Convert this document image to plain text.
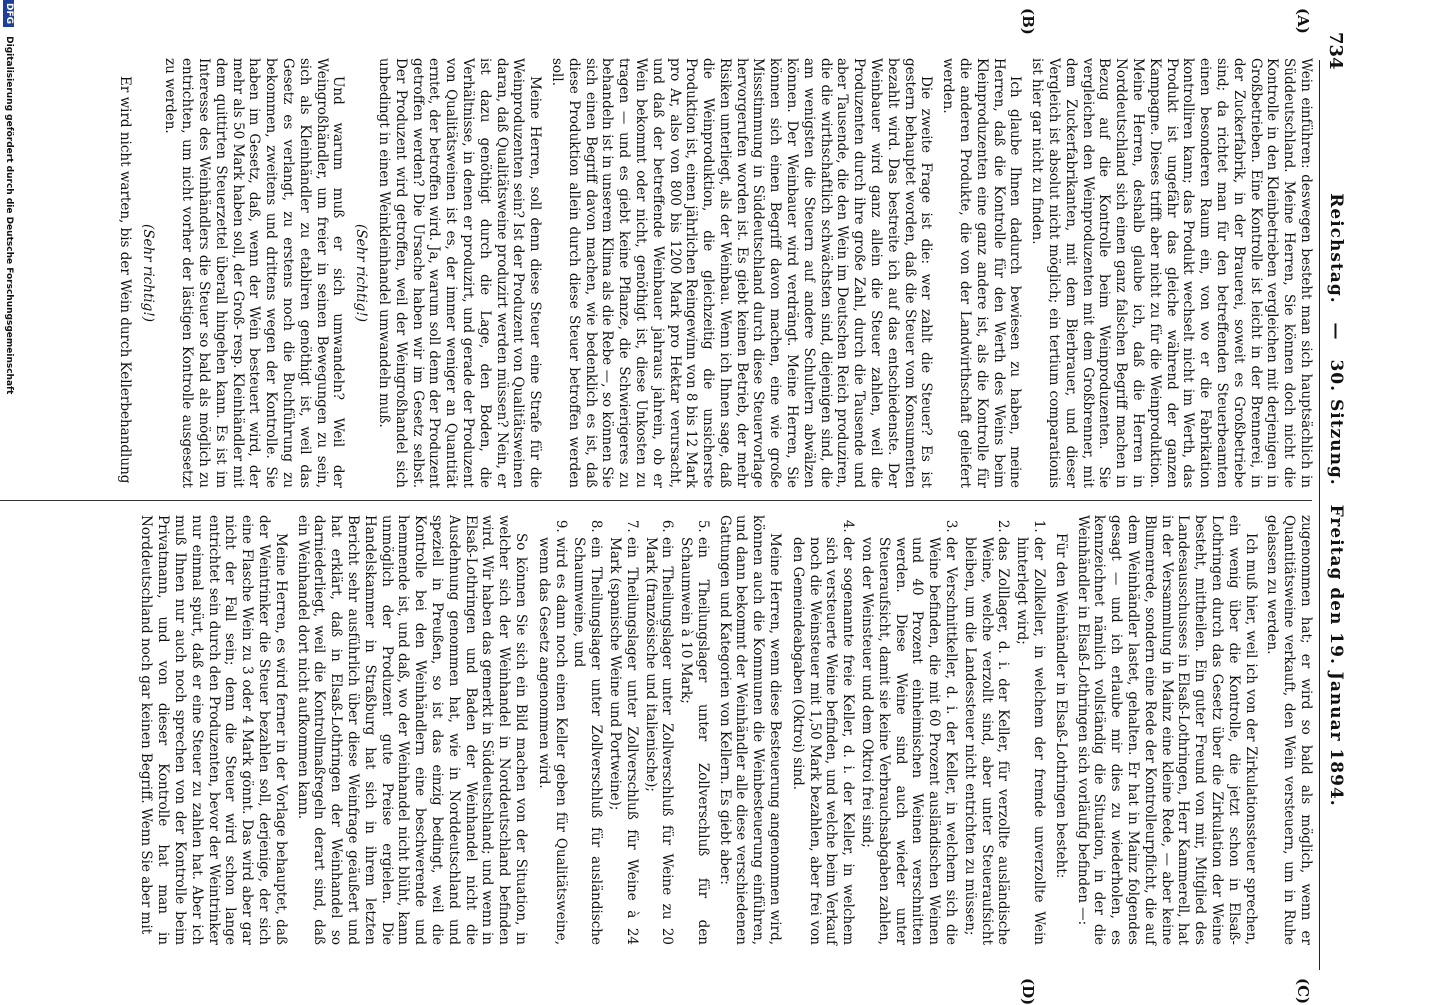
734
Reichstag. — 30. Sitzung. Freitag den 19. Januar 1894.
(A)
(B)
(C)
(D)

Wein einführen: deswegen besteht man sich hauptsächlich in Süddeutschland. Meine Herren, Sie können doch nicht die Kontrolle in den Kleinbetrieben vergleichen mit derjenigen in Großbetrieben. Eine Kontrolle ist leicht in der Brennerei, in der Zuckerfabrik, in der Brauerei, soweit es Großbetriebe sind; da richtet man für den betreffenden Steuerbeamten einen besonderen Raum ein, von wo er die Fabrikation kontrolliren kann; das Produkt wechselt nicht im Werth, das Produkt ist ungefähr das gleiche während der ganzen Kampagne. Dieses trifft aber nicht zu für die Weinproduktion. Meine Herren, deshalb glaube ich, daß die Herren in Norddeutschland sich einen ganz falschen Begriff machen in Bezug auf die Kontrolle beim Weinproduzenten. Sie vergleichen den Weinproduzenten mit dem Großbrenner, mit dem Zuckerfabrikanten, mit dem Bierbrauer, und dieser Vergleich ist absolut nicht möglich; ein tertium comparationis ist hier gar nicht zu finden.

Ich glaube Ihnen dadurch bewiesen zu haben, meine Herren, daß die Kontrolle für den Werth des Weins beim Kleinproduzenten eine ganz andere ist, als die Kontrolle für die anderen Produkte, die von der Landwirthschaft geliefert werden.

Die zweite Frage ist die: wer zahlt die Steuer? Es ist gestern behauptet worden, daß die Steuer vom Konsumenten bezahlt wird. Das bestreite ich auf das entschiedenste. Der Weinbauer wird ganz allein die Steuer zahlen, weil die Produzenten durch ihre große Zahl, durch die Tausende und aber Tausende, die den Wein im Deutschen Reich produziren, die die wirthschaftlich schwächsten sind, diejenigen sind, die am wenigsten die Steuern auf andere Schultern abwälzen können. Der Weinbauer wird verdrängt. Meine Herren, Sie können sich einen Begriff davon machen, eine wie große Missstimmung in Süddeutschland durch diese Steuervorlage hervorgerufen worden ist. Es giebt keinen Betrieb, der mehr Risiken unterliegt, als der Weinbau. Wenn ich Ihnen sage, daß die Weinproduktion, die gleichzeitig die unsicherste Produktion ist, einen jährlichen Reingewinn von 8 bis 12 Mark pro Ar, also von 800 bis 1200 Mark pro Hektar verursacht, und daß der betreffende Weinbauer jahraus jahrein, ob er Wein bekommt oder nicht, genöthigt ist, diese Unkosten zu tragen — und es giebt keine Pflanze, die Schwierigeres zu behandeln ist in unserem Klima als die Rebe —, so können Sie sich einen Begriff davon machen, wie bedenklich es ist, daß diese Produktion allein durch diese Steuer betroffen werden soll.

Meine Herren, soll denn diese Steuer eine Strafe für die Weinproduzenten sein? Ist der Produzent von Qualitätsweinen daran, daß Qualitätsweine produzirt werden müssen? Nein, er ist dazu genöthigt durch die Lage, den Boden, die Verhältnisse, in denen er produzirt, und gerade der Produzent von Qualitätsweinen ist es, der immer weniger an Quantität erntet, der betroffen wird. Ja, warum soll denn der Produzent getroffen werden? Die Ursache haben wir im Gesetz selbst. Der Produzent wird getroffen, weil der Weingroßhandel sich unbedingt in einen Weinkleinhandel umwandeln muß.

(Sehr richtig!)

Und warum muß er sich umwandeln? Weil der Weingroßhändler, um freier in seinen Bewegungen zu sein, sich als Kleinhändler zu etabliren genöthigt ist, weil das Gesetz es verlangt, zu erstens noch die Buchführung zu bekommen, zweitens und drittens wegen der Kontrolle. Sie haben im Gesetz, daß, wenn der Wein besteuert wird, der mehr als 50 Mark haben soll, der Groß- resp. Kleinhändler mit dem quittirten Steuerzettel überall hingehen kann. Es ist im Interesse des Weinhändlers die Steuer so bald als möglich zu entrichten, um nicht vorher der lästigen Kontrolle ausgesetzt zu werden.

(Sehr richtig!)

Er wird nicht warten, bis der Wein durch Kellerbehandlung

zugenommen hat; er wird so bald als möglich, wenn er Quantitätsweine verkauft, den Wein versteuern, um in Ruhe gelassen zu werden.

Ich muß hier, weil ich von der Zirkulationssteuer sprechen, ein wenig über die Kontrolle, die jetzt schon in Elsaß-Lothringen durch das Gesetz über die Zirkulation der Weine besteht, mittheilen. Ein guter Freund von mir, Mitglied des Landesausschusses in Elsaß-Lothringen, Herr Kammerell, hat in der Versammlung in Mainz eine kleine Rede, — aber keine Blumenrede, sondern eine Rede der Kontrolleurpflicht, die auf dem Weinhändler lastet, gehalten. Er hat in Mainz folgendes gesagt — und ich erlaube mir dies zu wiederholen, es kennzeichnet nämlich vollständig die Situation, in der die Weinhändler in Elsaß-Lothringen sich vorläufig befinden —:

Für den Weinhändler in Elsaß-Lothringen besteht:

1. der Zollkeller, in welchem der fremde unverzollte Wein hinterlegt wird;
2. das Zolllager, d. i. der Keller, für verzollte ausländische Weine, welche verzollt sind, aber unter Steueraufsicht bleiben, um die Landessteuer nicht entrichten zu müssen;
3. der Verschnittkeller, d. i. der Keller, in welchem sich die Weine befinden, die mit 60 Prozent ausländischen Weinen und 40 Prozent einheimischen Weinen verschnitten werden. Diese Weine sind auch wieder unter Steueraufsicht, damit sie keine Verbrauchsabgaben zahlen, von der Weinsteuer und dem Oktroi frei sind;
4. der sogenannte freie Keller, d. i. der Keller, in welchem sich versteuerte Weine befinden, und welche beim Verkauf noch die Weinsteuer mit 1,50 Mark bezahlen, aber frei von den Gemeindeabgaben (Oktroi) sind.

Meine Herren, wenn diese Besteuerung angenommen wird, können auch die Kommunen die Weinbesteuerung einführen, und dann bekommt der Weinhändler alle diese verschiedenen Gattungen und Kategorien von Kellern. Es giebt aber:

5. ein Theilungslager unter Zollverschluß für den Schaumwein à 10 Mark;
6. ein Theilungslager unter Zollverschluß für Weine zu 20 Mark (französische und italienische);
7. ein Theilungslager unter Zollverschluß für Weine à 24 Mark (spanische Weine und Portweine);
8. ein Theilungslager unter Zollverschluß für ausländische Schaumweine, und
9. wird es dann noch einen Keller geben für Qualitätsweine, wenn das Gesetz angenommen wird.

So können Sie sich ein Bild machen von der Situation, in welcher sich der Weinhandel in Norddeutschland befinden wird. Wir haben das gemerkt in Süddeutschland; und wenn in Elsaß-Lothringen und Baden der Weinhandel nicht die Ausdehnung genommen hat, wie in Norddeutschland und speziell in Preußen, so ist das einzig bedingt, weil die Kontrolle bei den Weinhändlern eine beschwerende und hemmende ist, und daß, wo der Weinhandel nicht blüht, kann unmöglich der Produzent gute Preise ergielen. Die Handelskammer in Straßburg hat sich in ihrem letzten Bericht sehr ausführlich über diese Weinfrage geäußert und hat erklärt, daß in Elsaß-Lothringen der Weinhandel so darniederliegt, weil die Kontrollmaßregeln derart sind, daß ein Weinhandel dort nicht aufkommen kann.

Meine Herren, es wird ferner in der Vorlage behauptet, daß der Weintrinker die Steuer bezahlen soll, derjenige, der sich eine Flasche Wein zu 3 oder 4 Mark gönnt. Das wird aber gar nicht der Fall sein; denn die Steuer wird schon lange entrichtet sein durch den Produzenten, bevor der Weintrinker nur einmal spürt, daß er eine Steuer zu zahlen hat. Aber ich muß Ihnen nur auch noch sprechen von der Kontrolle beim Privatmann, und von dieser Kontrolle hat man in Norddeutschland noch gar keinen Begriff. Wenn Sie aber mit

DFG Digitalisierung gefördert durch die Deutsche Forschungsgemeinschaft
